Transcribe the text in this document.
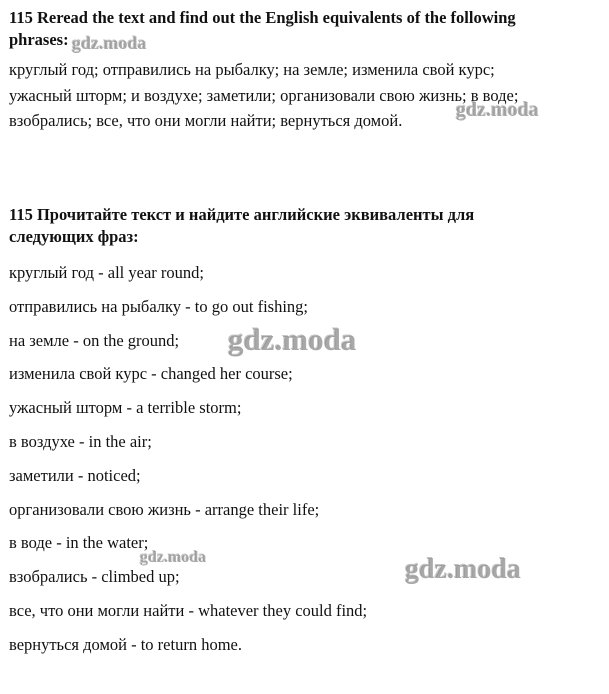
115 Reread the text and find out the English equivalents of the following
phrases:
круглый год; отправились на рыбалку; на земле; изменила свой курс;
ужасный шторм; и воздухе; заметили; организовали свою жизнь; в воде;
взобрались; все, что они могли найти; вернуться домой.
115 Прочитайте текст и найдите английские эквиваленты для
следующих фраз:
круглый год - all year round;
отправились на рыбалку - to go out fishing;
на земле - on the ground;
изменила свой курс - changed her course;
ужасный шторм - a terrible storm;
в воздухе - in the air;
заметили - noticed;
организовали свою жизнь - arrange their life;
в воде - in the water;
взобрались - climbed up;
все, что они могли найти - whatever they could find;
вернуться домой - to return home.
gdz.moda
gdz.moda
gdz.moda
gdz.moda	gdz.moda
